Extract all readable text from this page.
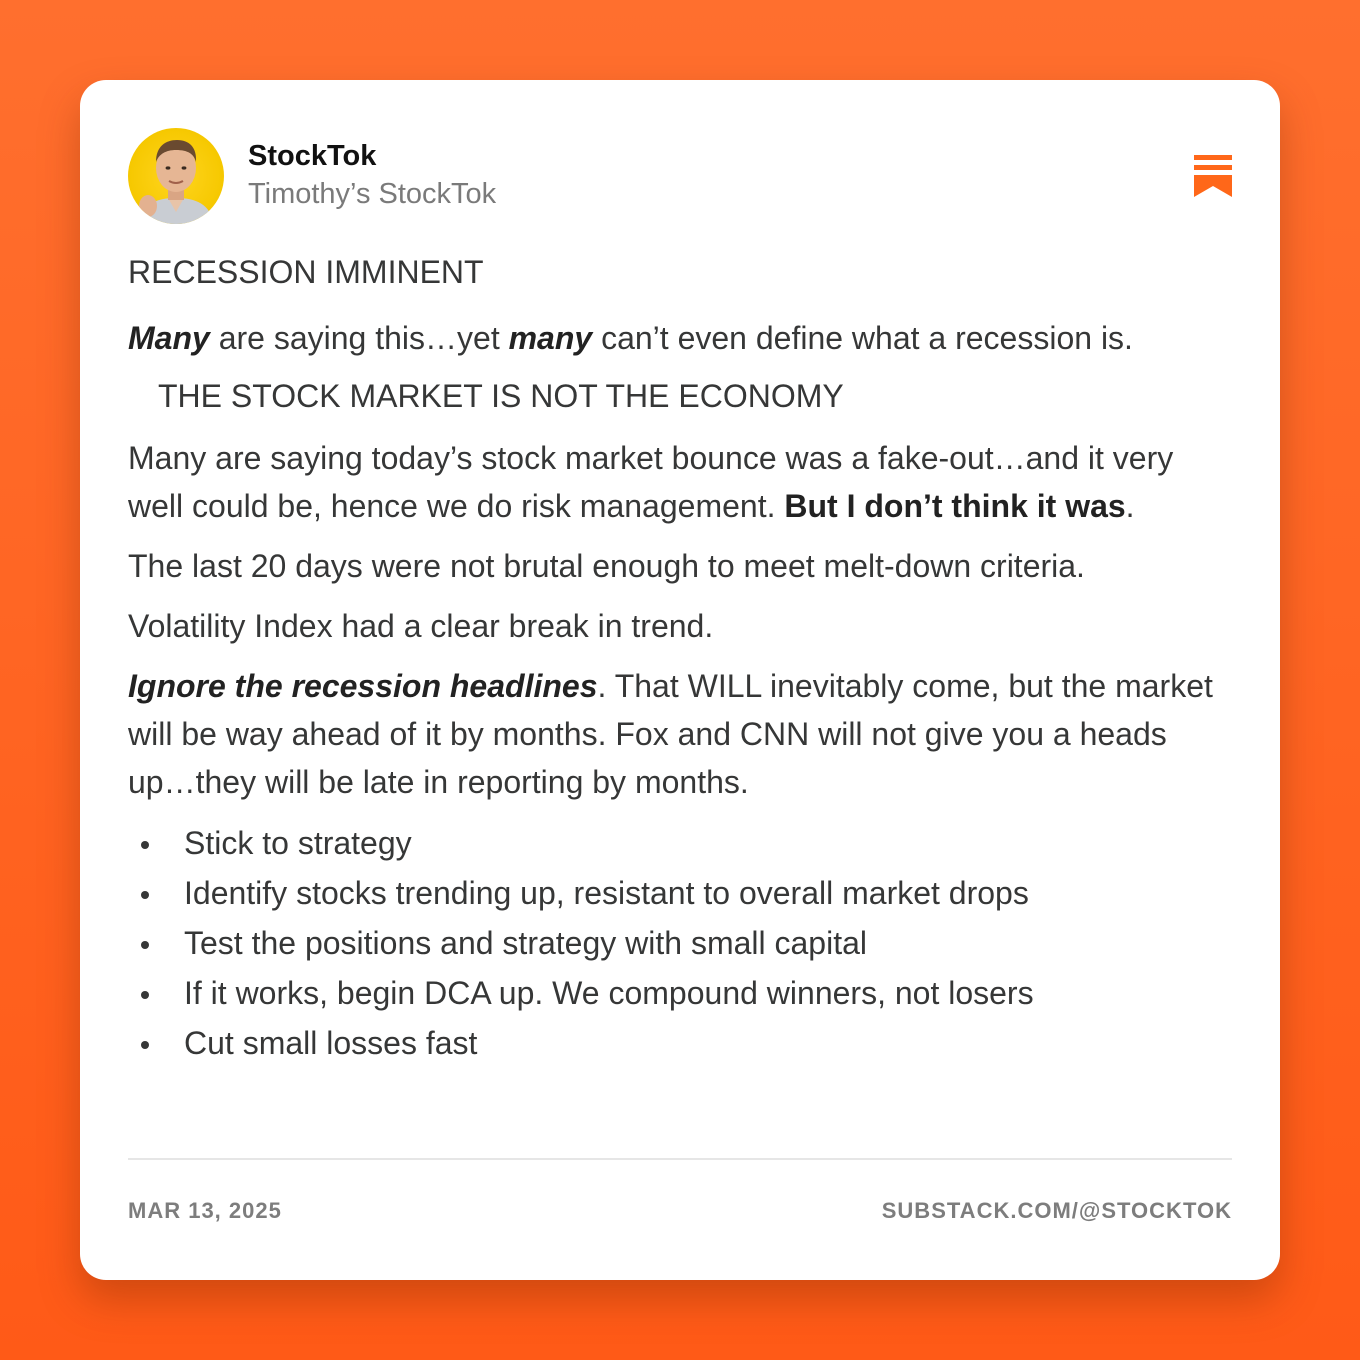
StockTok
Timothy’s StockTok

RECESSION IMMINENT

Many are saying this…yet many can’t even define what a recession is.

THE STOCK MARKET IS NOT THE ECONOMY

Many are saying today’s stock market bounce was a fake-out…and it very well could be, hence we do risk management. But I don’t think it was.

The last 20 days were not brutal enough to meet melt-down criteria.

Volatility Index had a clear break in trend.

Ignore the recession headlines. That WILL inevitably come, but the market will be way ahead of it by months. Fox and CNN will not give you a heads up…they will be late in reporting by months.

Stick to strategy
Identify stocks trending up, resistant to overall market drops
Test the positions and strategy with small capital
If it works, begin DCA up. We compound winners, not losers
Cut small losses fast
MAR 13, 2025	SUBSTACK.COM/@STOCKTOK
